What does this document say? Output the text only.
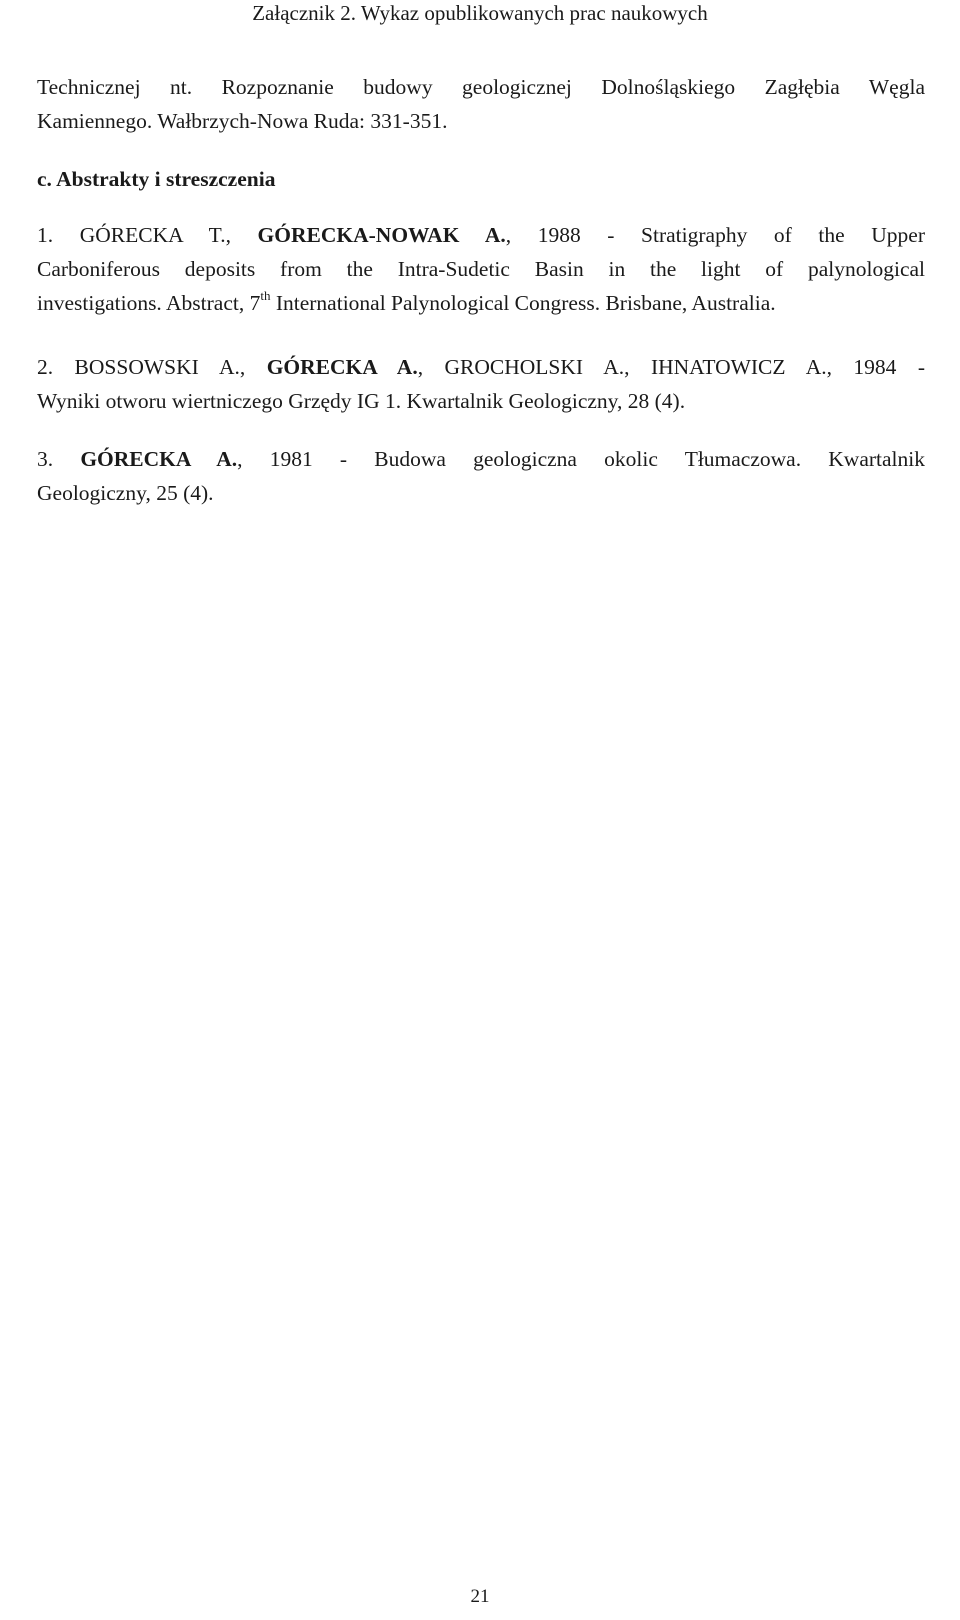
Załącznik 2. Wykaz opublikowanych prac naukowych

Technicznej nt. Rozpoznanie budowy geologicznej Dolnośląskiego Zagłębia Węgla
Kamiennego. Wałbrzych-Nowa Ruda: 331-351.

c. Abstrakty i streszczenia

1. GÓRECKA T., GÓRECKA-NOWAK A., 1988 - Stratigraphy of the Upper
Carboniferous deposits from the Intra-Sudetic Basin in the light of palynological
investigations. Abstract, 7th International Palynological Congress. Brisbane, Australia.

2. BOSSOWSKI A., GÓRECKA A., GROCHOLSKI A., IHNATOWICZ A., 1984 -
Wyniki otworu wiertniczego Grzędy IG 1. Kwartalnik Geologiczny, 28 (4).

3. GÓRECKA A., 1981 - Budowa geologiczna okolic Tłumaczowa. Kwartalnik
Geologiczny, 25 (4).

21
